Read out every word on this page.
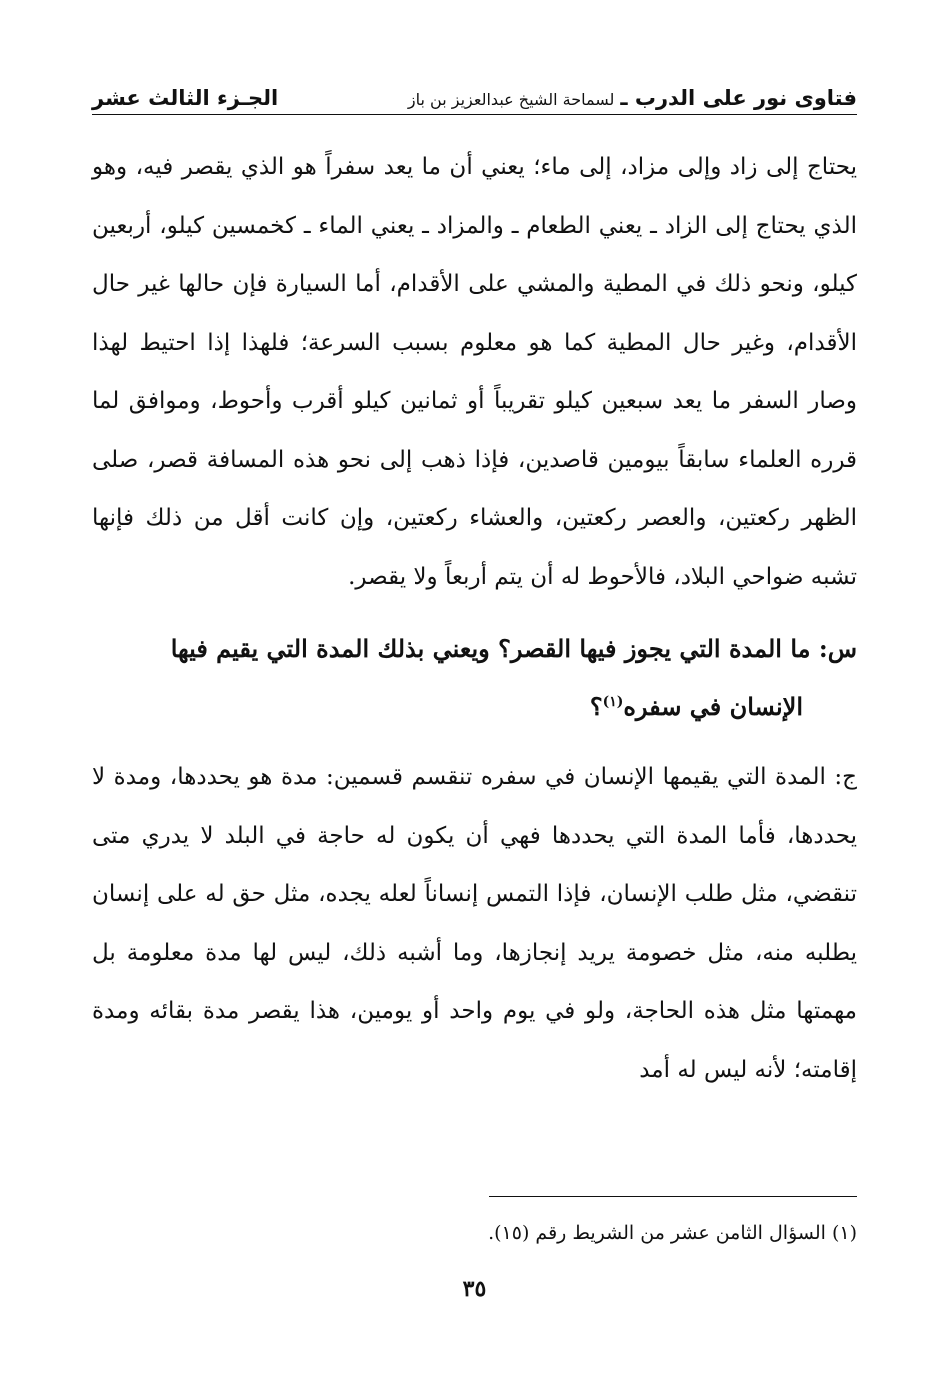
فتاوى نور على الدرب ـ
لسماحة الشيخ عبدالعزيز بن باز
الجـزء الثالث عشر

يحتاج إلى زاد وإلى مزاد، إلى ماء؛ يعني أن ما يعد سفراً هو الذي يقصر فيه، وهو الذي يحتاج إلى الزاد ـ يعني الطعام ـ والمزاد ـ يعني الماء ـ كخمسين كيلو، أربعين كيلو، ونحو ذلك في المطية والمشي على الأقدام، أما السيارة فإن حالها غير حال الأقدام، وغير حال المطية كما هو معلوم بسبب السرعة؛ فلهذا إذا احتيط لهذا وصار السفر ما يعد سبعين كيلو تقريباً أو ثمانين كيلو أقرب وأحوط، وموافق لما قرره العلماء سابقاً بيومين قاصدين، فإذا ذهب إلى نحو هذه المسافة قصر، صلى الظهر ركعتين، والعصر ركعتين، والعشاء ركعتين، وإن كانت أقل من ذلك فإنها تشبه ضواحي البلاد، فالأحوط له أن يتم أربعاً ولا يقصر.

س: ما المدة التي يجوز فيها القصر؟ ويعني بذلك المدة التي يقيم فيها
الإنسان في سفره$^{(١)}$؟

ج: المدة التي يقيمها الإنسان في سفره تنقسم قسمين: مدة هو يحددها، ومدة لا يحددها، فأما المدة التي يحددها فهي أن يكون له حاجة في البلد لا يدري متى تنقضي، مثل طلب الإنسان، فإذا التمس إنساناً لعله يجده، مثل حق له على إنسان يطلبه منه، مثل خصومة يريد إنجازها، وما أشبه ذلك، ليس لها مدة معلومة بل مهمتها مثل هذه الحاجة، ولو في يوم واحد أو يومين، هذا يقصر مدة بقائه ومدة إقامته؛ لأنه ليس له أمد

(١) السؤال الثامن عشر من الشريط رقم (١٥).
٣٥
